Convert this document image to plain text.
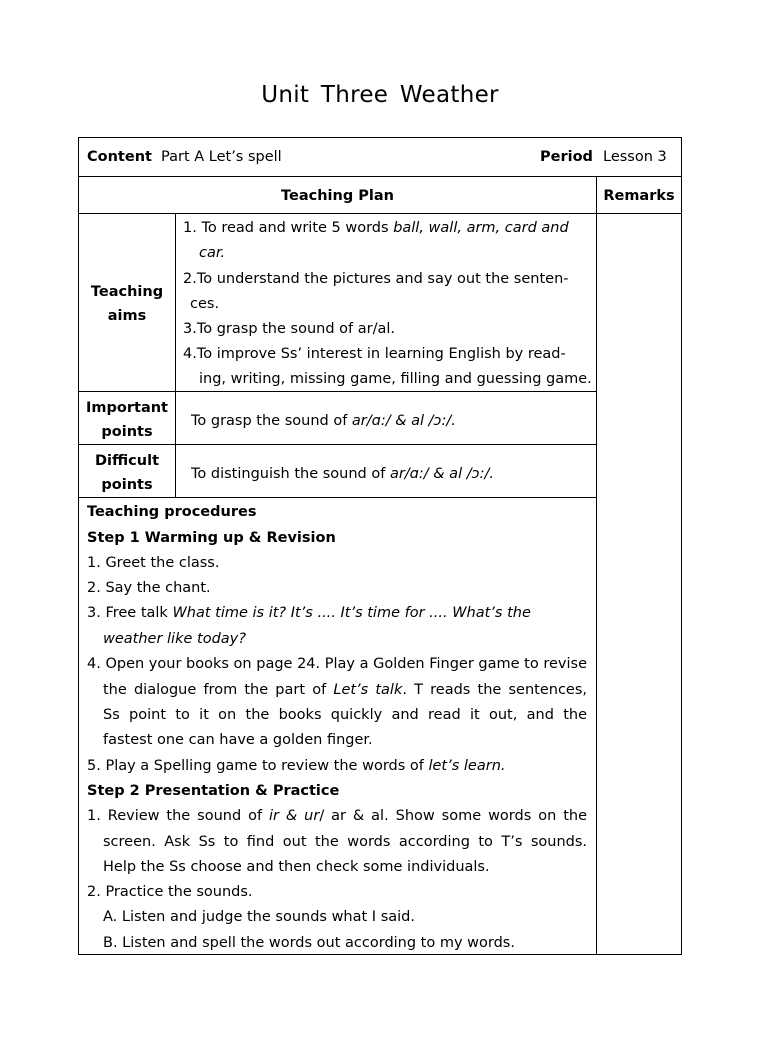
Unit Three Weather
Content Part A Let’s spell	Period Lesson 3
Teaching Plan	Remarks
Teaching
aims
1. To read and write 5 words ball, wall, arm, card and
car.
2.To understand the pictures and say out the senten-
ces.
3.To grasp the sound of ar/al.
4.To improve Ss’ interest in learning English by read-
ing, writing, missing game, filling and guessing game.
Important
points
To grasp the sound of ar/ɑ:/ & al /ɔ:/.
Difficult
points
To distinguish the sound of ar/ɑ:/ & al /ɔ:/.
Teaching procedures
Step 1 Warming up & Revision
1. Greet the class.
2. Say the chant.
3. Free talk What time is it? It’s .... It’s time for .... What’s the
weather like today?
4. Open your books on page 24. Play a Golden Finger game to revise
the dialogue from the part of Let’s talk. T reads the sentences,
Ss point to it on the books quickly and read it out, and the
fastest one can have a golden finger.
5. Play a Spelling game to review the words of let’s learn.
Step 2 Presentation & Practice
1. Review the sound of ir & ur/ ar & al. Show some words on the
screen. Ask Ss to find out the words according to T’s sounds.
Help the Ss choose and then check some individuals.
2. Practice the sounds.
A. Listen and judge the sounds what I said.
B. Listen and spell the words out according to my words.
